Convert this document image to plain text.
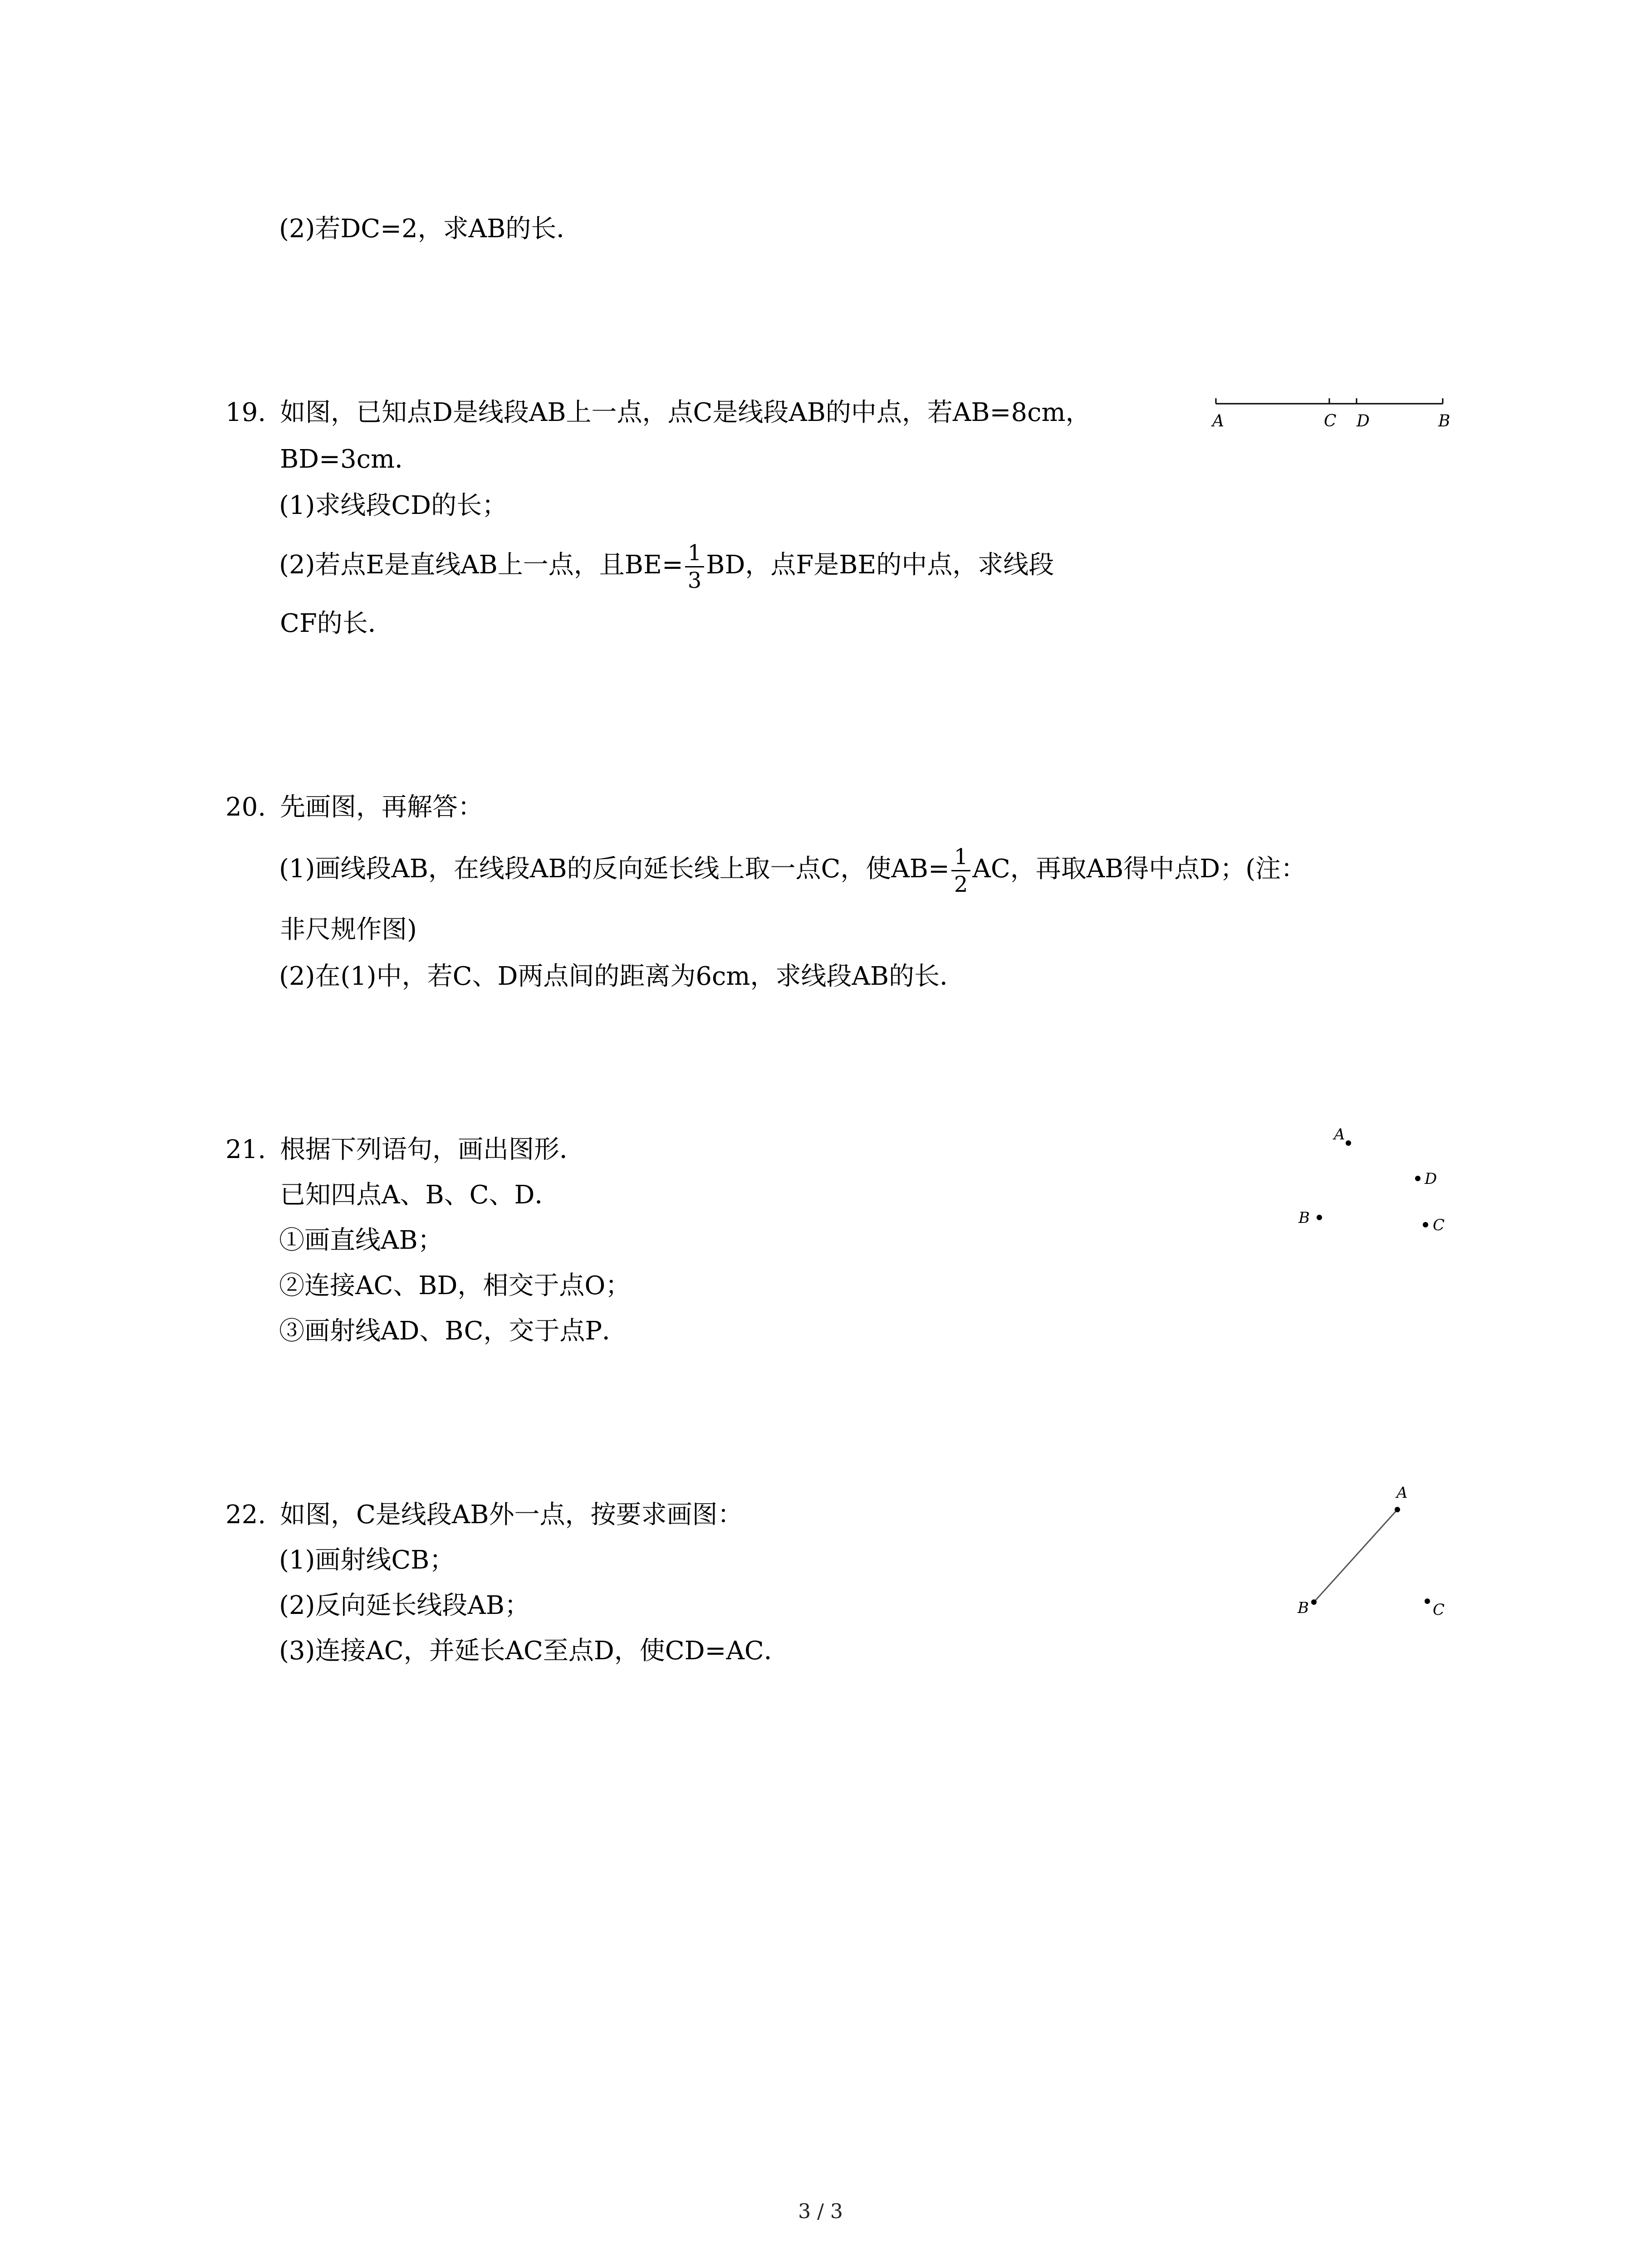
(2)若DC=2，求AB的长．
19. 如图，已知点D是线段AB上一点，点C是线段AB的中点，若AB=8cm，
BD=3cm．
(1)求线段CD的长；
(2)若点E是直线AB上一点，且$BE= \frac{1}{3}$ BD，点F是BE的中点，求线段
CF的长．
A	C D	B
20. 先画图，再解答：
(1)画线段AB，在线段AB的反向延长线上取一点C，使$AB= \frac{1}{2}$ AC，再取AB得中点D；(注：
非尺规作图)
(2)在(1)中，若C、D两点间的距离为6cm，求线段AB的长．
21. 根据下列语句，画出图形．
已知四点A、B、C、D．
①画直线AB；
②连接AC、BD，相交于点O；
③画射线AD、BC，交于点P．
A
D
B	C
22. 如图，C是线段AB外一点，按要求画图：
(1)画射线CB；
(2)反向延长线段AB；
(3)连接AC，并延长AC至点D，使CD=AC．
A
B	C
3 / 3
